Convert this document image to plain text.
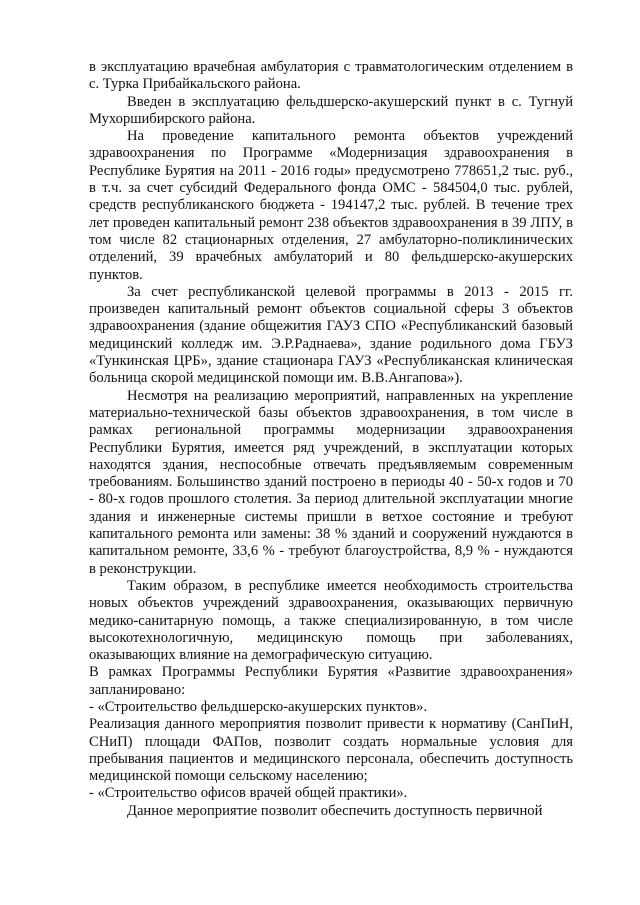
в эксплуатацию врачебная амбулатория с травматологическим отделением в с. Турка Прибайкальского района.

Введен в эксплуатацию фельдшерско-акушерский пункт в с. Тугнуй Мухоршибирского района.

На проведение капитального ремонта объектов учреждений здравоохранения по Программе «Модернизация здравоохранения в Республике Бурятия на 2011 - 2016 годы» предусмотрено 778651,2 тыс. руб., в т.ч. за счет субсидий Федерального фонда ОМС - 584504,0 тыс. рублей, средств республиканского бюджета - 194147,2 тыс. рублей. В течение трех лет проведен капитальный ремонт 238 объектов здравоохранения в 39 ЛПУ, в том числе 82 стационарных отделения, 27 амбулаторно-поликлинических отделений, 39 врачебных амбулаторий и 80 фельдшерско-акушерских пунктов.

За счет республиканской целевой программы в 2013 - 2015 гг. произведен капитальный ремонт объектов социальной сферы 3 объектов здравоохранения (здание общежития ГАУЗ СПО «Республиканский базовый медицинский колледж им. Э.Р.Раднаева», здание родильного дома ГБУЗ «Тункинская ЦРБ», здание стационара ГАУЗ «Республиканская клиническая больница скорой медицинской помощи им. В.В.Ангапова»).

Несмотря на реализацию мероприятий, направленных на укрепление материально-технической базы объектов здравоохранения, в том числе в рамках региональной программы модернизации здравоохранения Республики Бурятия, имеется ряд учреждений, в эксплуатации которых находятся здания, неспособные отвечать предъявляемым современным требованиям. Большинство зданий построено в периоды 40 - 50-х годов и 70 - 80-х годов прошлого столетия. За период длительной эксплуатации многие здания и инженерные системы пришли в ветхое состояние и требуют капитального ремонта или замены: 38 % зданий и сооружений нуждаются в капитальном ремонте, 33,6 % - требуют благоустройства, 8,9 % - нуждаются в реконструкции.

Таким образом, в республике имеется необходимость строительства новых объектов учреждений здравоохранения, оказывающих первичную медико-санитарную помощь, а также специализированную, в том числе высокотехнологичную, медицинскую помощь при заболеваниях, оказывающих влияние на демографическую ситуацию.

В рамках Программы Республики Бурятия «Развитие здравоохранения» запланировано:

- «Строительство фельдшерско-акушерских пунктов».

Реализация данного мероприятия позволит привести к нормативу (СанПиН, СНиП) площади ФАПов, позволит создать нормальные условия для пребывания пациентов и медицинского персонала, обеспечить доступность медицинской помощи сельскому населению;

- «Строительство офисов врачей общей практики».

Данное мероприятие позволит обеспечить доступность первичной
